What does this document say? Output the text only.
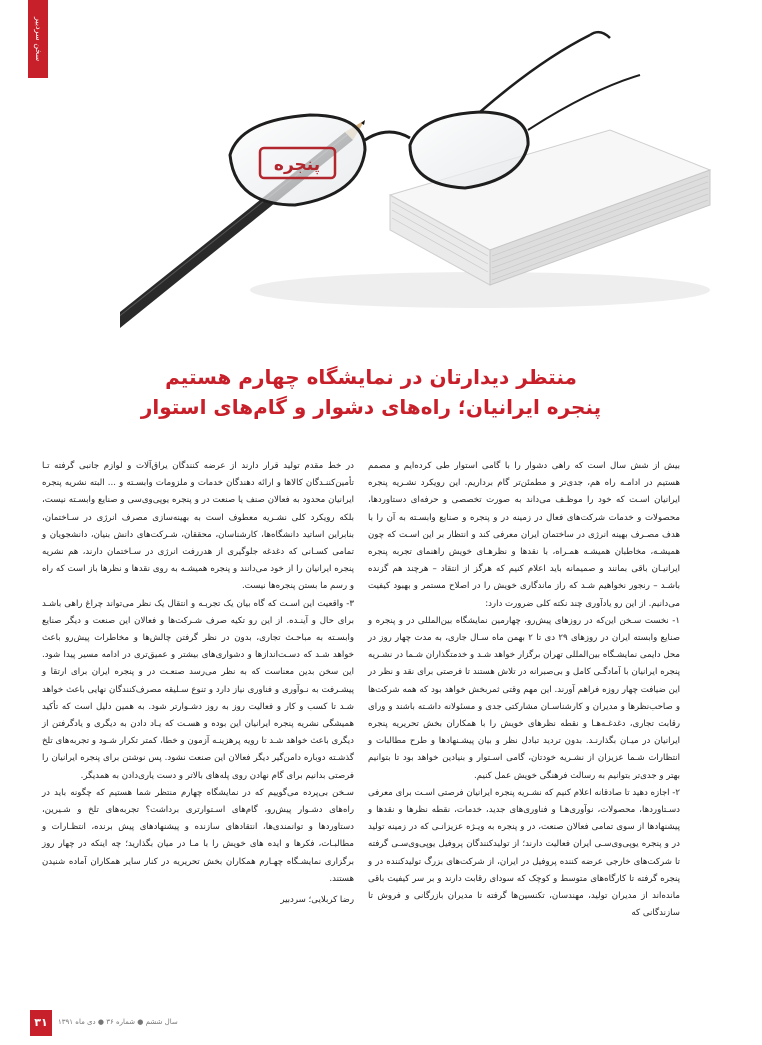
سخن سردبیر
پنجره

منتظر دیدارتان در نمایشگاه چهارم هستیم

پنجره ایرانیان؛ راه‌های دشوار و گام‌های استوار

بیش از شش سال است که راهی دشوار را با گامی استوار طی کرده‌ایم و مصمم هستیم در ادامـه راه هم، جدی‌تر و مطمئن‌تر گام برداریم. این رویکرد نشـریه پنجره ایرانیان اسـت که خود را موظـف می‌داند به صورت تخصصی و حرفه‌ای دستاوردها، محصولات و خدمات شرکت‌های فعال در زمینه در و پنجره و صنایع وابسـته به آن را با هدف مصـرف بهینه انرژی در ساختمان ایران معرفی کند و انتظار بر این اسـت که چون همیشـه، مخاطبان همیشـه همـراه، با نقدها و نظرهـای خویش راهنمای تجربه پنجره ایرانیـان باقی بمانند و صمیمانه باید اعلام کنیم که هرگز از انتقاد – هرچند هم گزنده باشـد – رنجور نخواهیم شـد که راز ماندگاری خویش را در اصلاح مستمر و بهبود کیفیت می‌دانیم. از این رو یادآوری چند نکته کلی ضرورت دارد:

۱- نخست سـخن این‌که در روزهای پیش‌رو، چهارمین نمایشگاه بین‌المللی در و پنجره و صنایع وابسته ایران در روزهای ۲۹ دی تا ۲ بهمن ماه سـال جاری، به مدت چهار روز در محل دایمی نمایشـگاه بین‌المللی تهران برگزار خواهد شـد و خدمتگذاران شـما در نشـریه پنجره ایرانیان با آمادگـی کامل و بی‌صبرانه در تلاش هستند تا فرصتی برای نقد و نظر در این ضیافت چهار روزه فراهم آورند. این مهم وقتی ثمربخش خواهد بود که همه شرکت‌ها و صاحب‌نظرها و مدیران و کارشناسـان مشارکتی جدی و مسئولانه داشـته باشند و ورای رقابت تجاری، دغدغـه‌هـا و نقطه نظرهای خویش را با همکاران بخش تحریریه پنجره ایرانیان در میـان بگذارنـد. بدون تردید تبادل نظر و بیان پیشـنهادها و طرح مطالبات و انتظارات شـما عزیزان از نشـریه خودتان، گامی اسـتوار و بنیادین خواهد بود تا بتوانیم بهتر و جدی‌تر بتوانیم به رسالت فرهنگی خویش عمل کنیم.

۲- اجازه دهید تا صادقانه اعلام کنیم که نشـریه پنجره ایرانیان فرصتی اسـت برای معرفی دسـتاوردها، محصولات، نوآوری‌هـا و فناوری‌های جدید، خدمات، نقطه نظرها و نقدها و پیشنهادها از سوی تمامی فعالان صنعت، در و پنجره به ویـژه عزیزانـی که در زمینه تولید در و پنجره یوپی‌وی‌سـی ایران فعالیت دارند؛ از تولیدکنندگان پروفیل یوپی‌وی‌سـی گرفته تا شرکت‌های خارجی عرضه کننده پروفیل در ایران، از شرکت‌های بزرگ تولیدکننده در و پنجره گرفته تا کارگاه‌های متوسط و کوچک که سودای رقابت دارند و بر سر کیفیت باقی مانده‌اند از مدیران تولید، مهندسان، تکنسین‌ها گرفته تا مدیران بازرگانی و فروش تا سازندگانی که

در خط مقدم تولید قرار دارند از عرضه کنندگان یراق‌آلات و لوازم جانبی گرفته تـا تأمین‌کننـدگان کالاها و ارائه دهندگان خدمات و ملزومات وابسـته و ... البته نشریه پنجره ایرانیان محدود به فعالان صنف یا صنعت در و پنجره یوپی‌وی‌سی و صنایع وابسـته نیست، بلکه رویکرد کلی نشـریه معطوف است به بهینه‌سازی مصرف انرژی در سـاختمان، بنابراین اساتید دانشگاه‌ها، کارشناسان، محققان، شـرکت‌های دانش بنیان، دانشجویان و تمامی کسـانی که دغدغه جلوگیری از هدررفت انرژی در سـاختمان دارند، هم نشریه پنجره ایرانیان را از خود می‌دانند و پنجره همیشـه به روی نقدها و نظرها باز است که راه و رسم ما بستن پنجره‌ها نیست.

۳- واقعیت این اسـت که گاه بیان یک تجربـه و انتقال یک نظر می‌تواند چراغ راهی باشـد برای حال و آینـده. از این رو تکیه صرف شـرکت‌ها و فعالان این صنعت و دیگر صنایع وابسـته به مباحـث تجاری، بدون در نظر گرفتن چالش‌ها و مخاطرات پیش‌رو باعث خواهد شـد که دسـت‌اندازها و دشواری‌های بیشتر و عمیق‌تری در ادامه مسیر پیدا شود. این سخن بدین معناست که به نظر می‌رسد صنعـت در و پنجره ایران برای ارتقا و پیشـرفت به نـوآوری و فناوری نیاز دارد و تنوع سـلیقه مصرف‌کنندگان نهایی باعث خواهد شـد تا کسب و کار و فعالیت روز به روز دشـوارتر شود. به همین دلیل است که تأکید همیشگی نشریه پنجره ایرانیان این بوده و هسـت که یـاد دادن به دیگری و یادگرفتن از دیگری باعث خواهد شـد تا رویه پرهزینـه آزمون و خطا، کمتر تکرار شـود و تجربه‌های تلخ گذشـته دوباره دامن‌گیر دیگر فعالان این صنعت نشود. پس نوشتن برای پنجره ایرانیان را فرصتی بدانیم برای گام نهادن روی پله‌های بالاتر و دست یاری‌دادن به همدیگر.

سـخن بی‌پرده می‌گوییم که در نمایشگاه چهارم منتظر شما هستیم که چگونه باید در راه‌های دشـوار پیش‌رو، گام‌های اسـتوارتری برداشت؟ تجربه‌های تلخ و شـیرین، دستاوردها و توانمندی‌ها، انتقادهای سازنده و پیشنهادهای پیش برنده، انتظـارات و مطالبـات، فکرها و ایده های خویش را با مـا در میان بگذارید؛ چه اینکه در چهار روز برگزاری نمایشـگاه چهـارم همکاران بخش تحریریه در کنار سایر همکاران آماده شنیدن هستند.

رضا کربلایی؛ سردبیر

۳۱	سال ششم ● شماره ۳۶ ● دی ماه ۱۳۹۱
